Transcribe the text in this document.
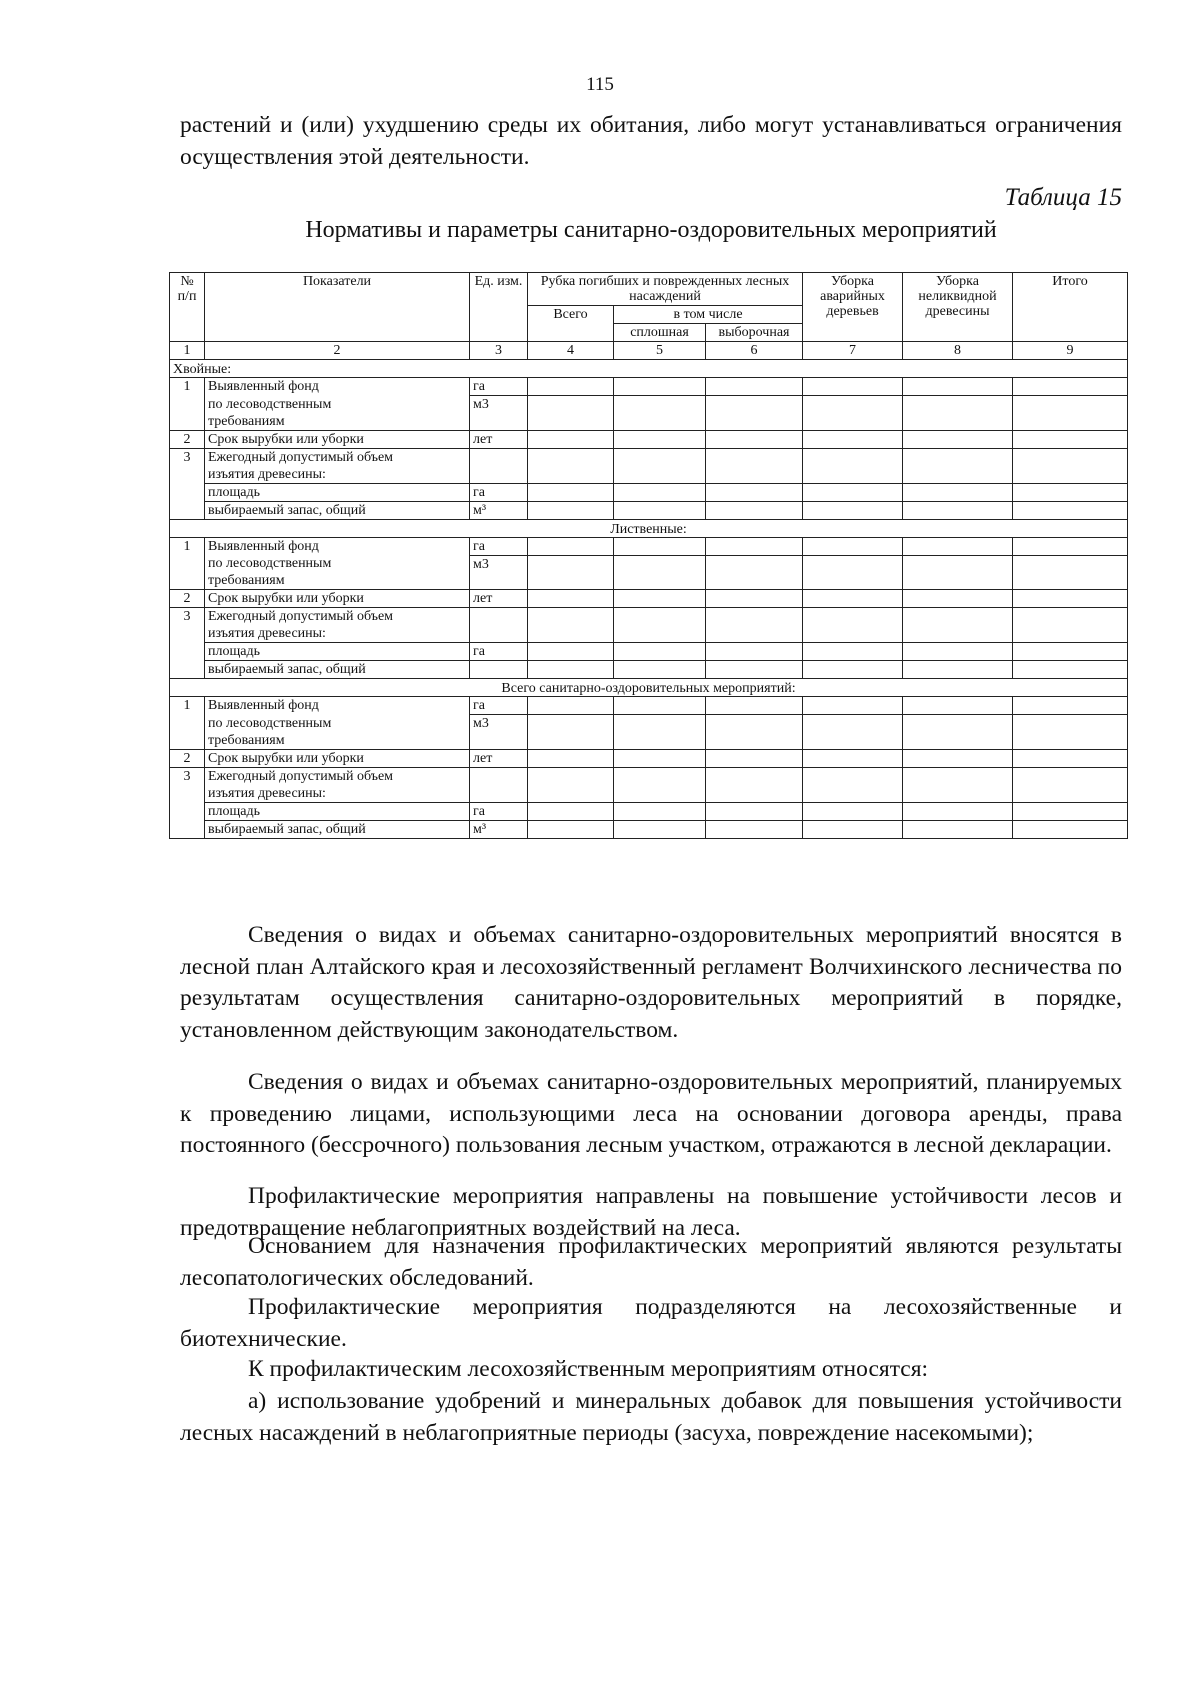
115

растений и (или) ухудшению среды их обитания, либо могут устанавливаться ограничения осуществления этой деятельности.

Таблица 15
Нормативы и параметры санитарно-оздоровительных мероприятий
№ п/п	Показатели	Ед. изм.	Рубка погибших и поврежденных лесных насаждений			Уборка аварийных деревьев	Уборка неликвидной древесины	Итого
			Всего	в том числе				
				сплошная	выборочная			
1	2	3	4	5	6	7	8	9
Хвойные:								
1	Выявленный фонд	га						
	по лесоводственным	м3						
	требованиям							
2	Срок вырубки или уборки	лет						
3	Ежегодный допустимый объем							
	изъятия древесины:							
	площадь	га						
	выбираемый запас, общий	м³						
Лиственные:								
1	Выявленный фонд	га						
	по лесоводственным	м3						
	требованиям							
2	Срок вырубки или уборки	лет						
3	Ежегодный допустимый объем							
	изъятия древесины:							
	площадь	га						
	выбираемый запас, общий							
Всего санитарно-оздоровительных мероприятий:								
1	Выявленный фонд	га						
	по лесоводственным	м3						
	требованиям							
2	Срок вырубки или уборки	лет						
3	Ежегодный допустимый объем							
	изъятия древесины:							
	площадь	га						
	выбираемый запас, общий	м³						

Сведения о видах и объемах санитарно-оздоровительных мероприятий вносятся в лесной план Алтайского края и лесохозяйственный регламент Волчихинского лесничества по результатам осуществления санитарно-оздоровительных мероприятий в порядке, установленном действующим законодательством.

Сведения о видах и объемах санитарно-оздоровительных мероприятий, планируемых к проведению лицами, использующими леса на основании договора аренды, права постоянного (бессрочного) пользования лесным участком, отражаются в лесной декларации.

Профилактические мероприятия направлены на повышение устойчивости лесов и предотвращение неблагоприятных воздействий на леса.

Основанием для назначения профилактических мероприятий являются результаты лесопатологических обследований.

Профилактические мероприятия подразделяются на лесохозяйственные и биотехнические.

К профилактическим лесохозяйственным мероприятиям относятся:

а) использование удобрений и минеральных добавок для повышения устойчивости лесных насаждений в неблагоприятные периоды (засуха, повреждение насекомыми);
